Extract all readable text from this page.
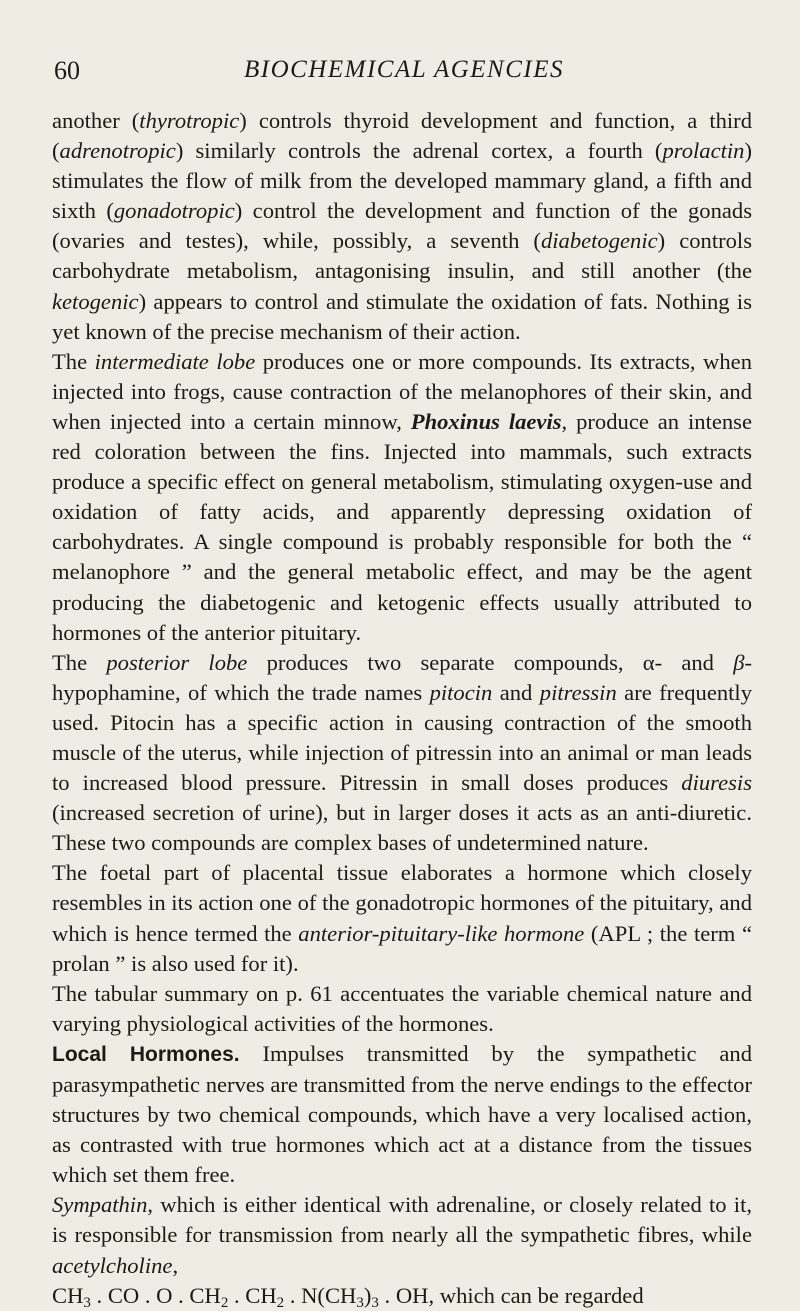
60	BIOCHEMICAL AGENCIES

another (thyrotropic) controls thyroid development and function, a third (adrenotropic) similarly controls the adrenal cortex, a fourth (prolactin) stimulates the flow of milk from the developed mammary gland, a fifth and sixth (gonadotropic) control the development and function of the gonads (ovaries and testes), while, possibly, a seventh (diabetogenic) controls carbohydrate metabolism, antagonising insulin, and still another (the ketogenic) appears to control and stimulate the oxidation of fats. Nothing is yet known of the precise mechanism of their action.

The intermediate lobe produces one or more compounds. Its extracts, when injected into frogs, cause contraction of the melanophores of their skin, and when injected into a certain minnow, Phoxinus laevis, produce an intense red coloration between the fins. Injected into mammals, such extracts produce a specific effect on general metabolism, stimulating oxygen-use and oxidation of fatty acids, and apparently depressing oxidation of carbohydrates. A single compound is probably responsible for both the “ melanophore ” and the general metabolic effect, and may be the agent producing the diabetogenic and ketogenic effects usually attributed to hormones of the anterior pituitary.

The posterior lobe produces two separate compounds, α- and β-hypophamine, of which the trade names pitocin and pitressin are frequently used. Pitocin has a specific action in causing contraction of the smooth muscle of the uterus, while injection of pitressin into an animal or man leads to increased blood pressure. Pitressin in small doses produces diuresis (increased secretion of urine), but in larger doses it acts as an anti-diuretic. These two compounds are complex bases of undetermined nature.

The foetal part of placental tissue elaborates a hormone which closely resembles in its action one of the gonadotropic hormones of the pituitary, and which is hence termed the anterior-pituitary-like hormone (APL ; the term “ prolan ” is also used for it).

The tabular summary on p. 61 accentuates the variable chemical nature and varying physiological activities of the hormones.

Local Hormones. Impulses transmitted by the sympathetic and parasympathetic nerves are transmitted from the nerve endings to the effector structures by two chemical compounds, which have a very localised action, as contrasted with true hormones which act at a distance from the tissues which set them free.

Sympathin, which is either identical with adrenaline, or closely related to it, is responsible for transmission from nearly all the sympathetic fibres, while acetylcholine,
$CH_3$ . CO . O . $CH_2$ . $CH_2$ . $N(CH_3)_3$ . OH, which can be regarded
